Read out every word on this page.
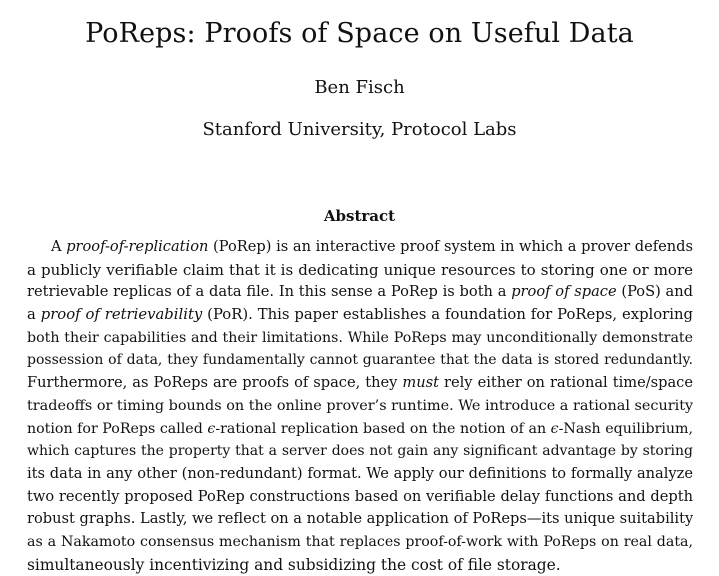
PoReps: Proofs of Space on Useful Data
Ben Fisch
Stanford University, Protocol Labs
Abstract
A proof-of-replication (PoRep) is an interactive proof system in which a prover defends
a publicly verifiable claim that it is dedicating unique resources to storing one or more
retrievable replicas of a data file. In this sense a PoRep is both a proof of space (PoS) and
a proof of retrievability (PoR). This paper establishes a foundation for PoReps, exploring
both their capabilities and their limitations. While PoReps may unconditionally demonstrate
possession of data, they fundamentally cannot guarantee that the data is stored redundantly.
Furthermore, as PoReps are proofs of space, they must rely either on rational time/space
tradeoffs or timing bounds on the online prover’s runtime. We introduce a rational security
notion for PoReps called ϵ-rational replication based on the notion of an ϵ-Nash equilibrium,
which captures the property that a server does not gain any significant advantage by storing
its data in any other (non-redundant) format. We apply our definitions to formally analyze
two recently proposed PoRep constructions based on verifiable delay functions and depth
robust graphs. Lastly, we reflect on a notable application of PoReps—its unique suitability
as a Nakamoto consensus mechanism that replaces proof-of-work with PoReps on real data,
simultaneously incentivizing and subsidizing the cost of file storage.
